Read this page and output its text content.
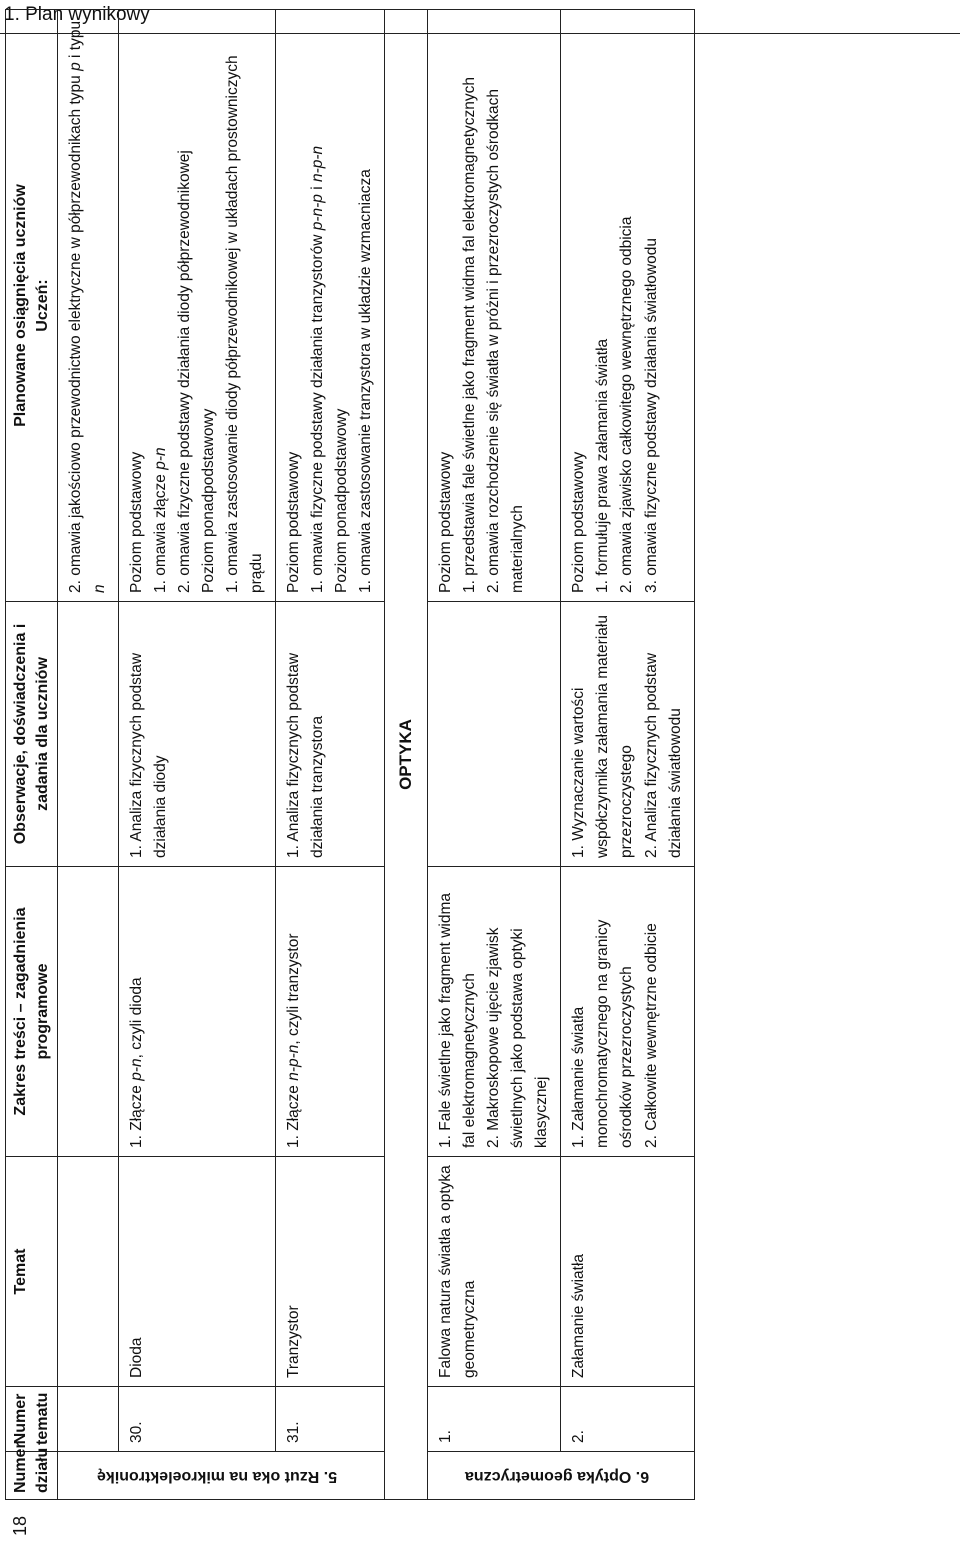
1. Plan wynikowy
18
Numer działu	Numer tematu	Temat	Zakres treści – zagadnienia programowe	Obserwacje, doświadczenia i zadania dla uczniów	Planowane osiągnięcia uczniów Uczeń:

5. Rzut oka na mikroelektronikę					2. omawia jakościowo przewodnictwo elektryczne w półprzewodnikach typu p i typu n
	30.	Dioda	1. Złącze p-n, czyli dioda	1. Analiza fizycznych podstaw działania diody	Poziom podstawowy 1. omawia złącze p-n 2. omawia fizyczne podstawy działania diody półprzewodnikowej Poziom ponadpodstawowy 1. omawia zastosowanie diody półprzewodnikowej w układach prostowniczych prądu

	31.	Tranzystor	1. Złącze n-p-n, czyli tranzystor	1. Analiza fizycznych podstaw działania tranzystora	Poziom podstawowy 1. omawia fizyczne podstawy działania tranzystorów p-n-p i n-p-n
Poziom ponadpodstawowy 1. omawia zastosowanie tranzystora w układzie wzmacniacza

OPTYKA					
6. Optyka geometryczna	1.	Falowa natura światła a optyka geometryczna	1. Fale świetlne jako fragment widma fal elektromagnetycznych 2. Makroskopowe ujęcie zjawisk świetlnych jako podstawa optyki klasycznej		Poziom podstawowy 1. przedstawia fale świetlne jako fragment widma fal elektromagnetycznych 2. omawia rozchodzenie się światła w próżni i przezroczystych ośrodkach materialnych

	2.	Załamanie światła	1. Załamanie światła monochromatycznego na granicy ośrodków przezroczystych 2. Całkowite wewnętrzne odbicie	1. Wyznaczanie wartości współczynnika załamania materiału przezroczystego 2. Analiza fizycznych podstaw działania światłowodu	Poziom podstawowy 1. formułuje prawa załamania światła 2. omawia zjawisko całkowitego wewnętrznego odbicia 3. omawia fizyczne podstawy działania światłowodu
